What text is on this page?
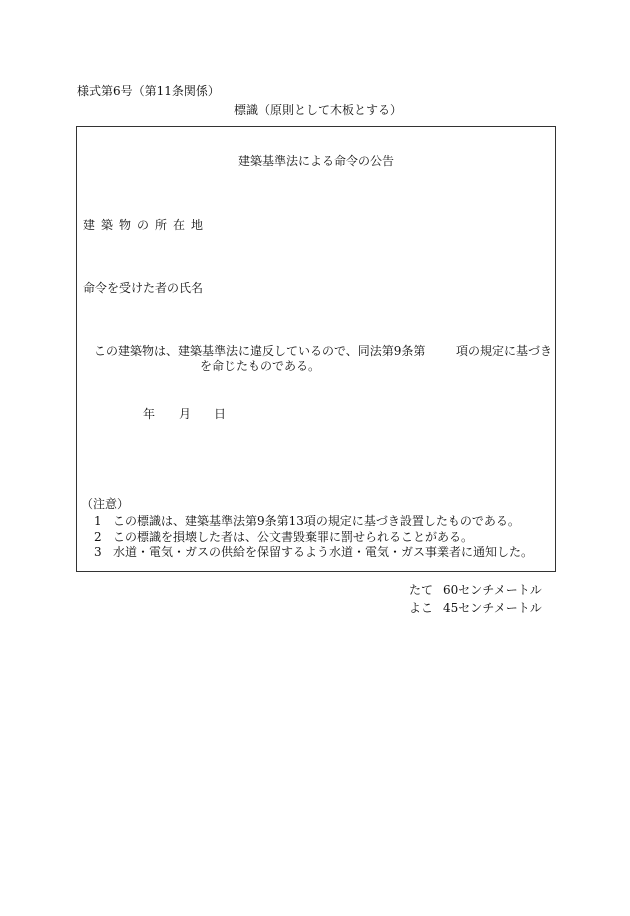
様式第6号（第11条関係）
標識（原則として木板とする）
建築基準法による命令の公告
建築物の所在地
命令を受けた者の氏名
この建築物は、建築基準法に違反しているので、同法第9条第	項の規定に基づき
を命じたものである。
年 月 日
（注意）
1 この標識は、建築基準法第9条第13項の規定に基づき設置したものである。
2 この標識を損壊した者は、公文書毀棄罪に罰せられることがある。
3 水道・電気・ガスの供給を保留するよう水道・電気・ガス事業者に通知した。
たて 60センチメートル
よこ 45センチメートル
